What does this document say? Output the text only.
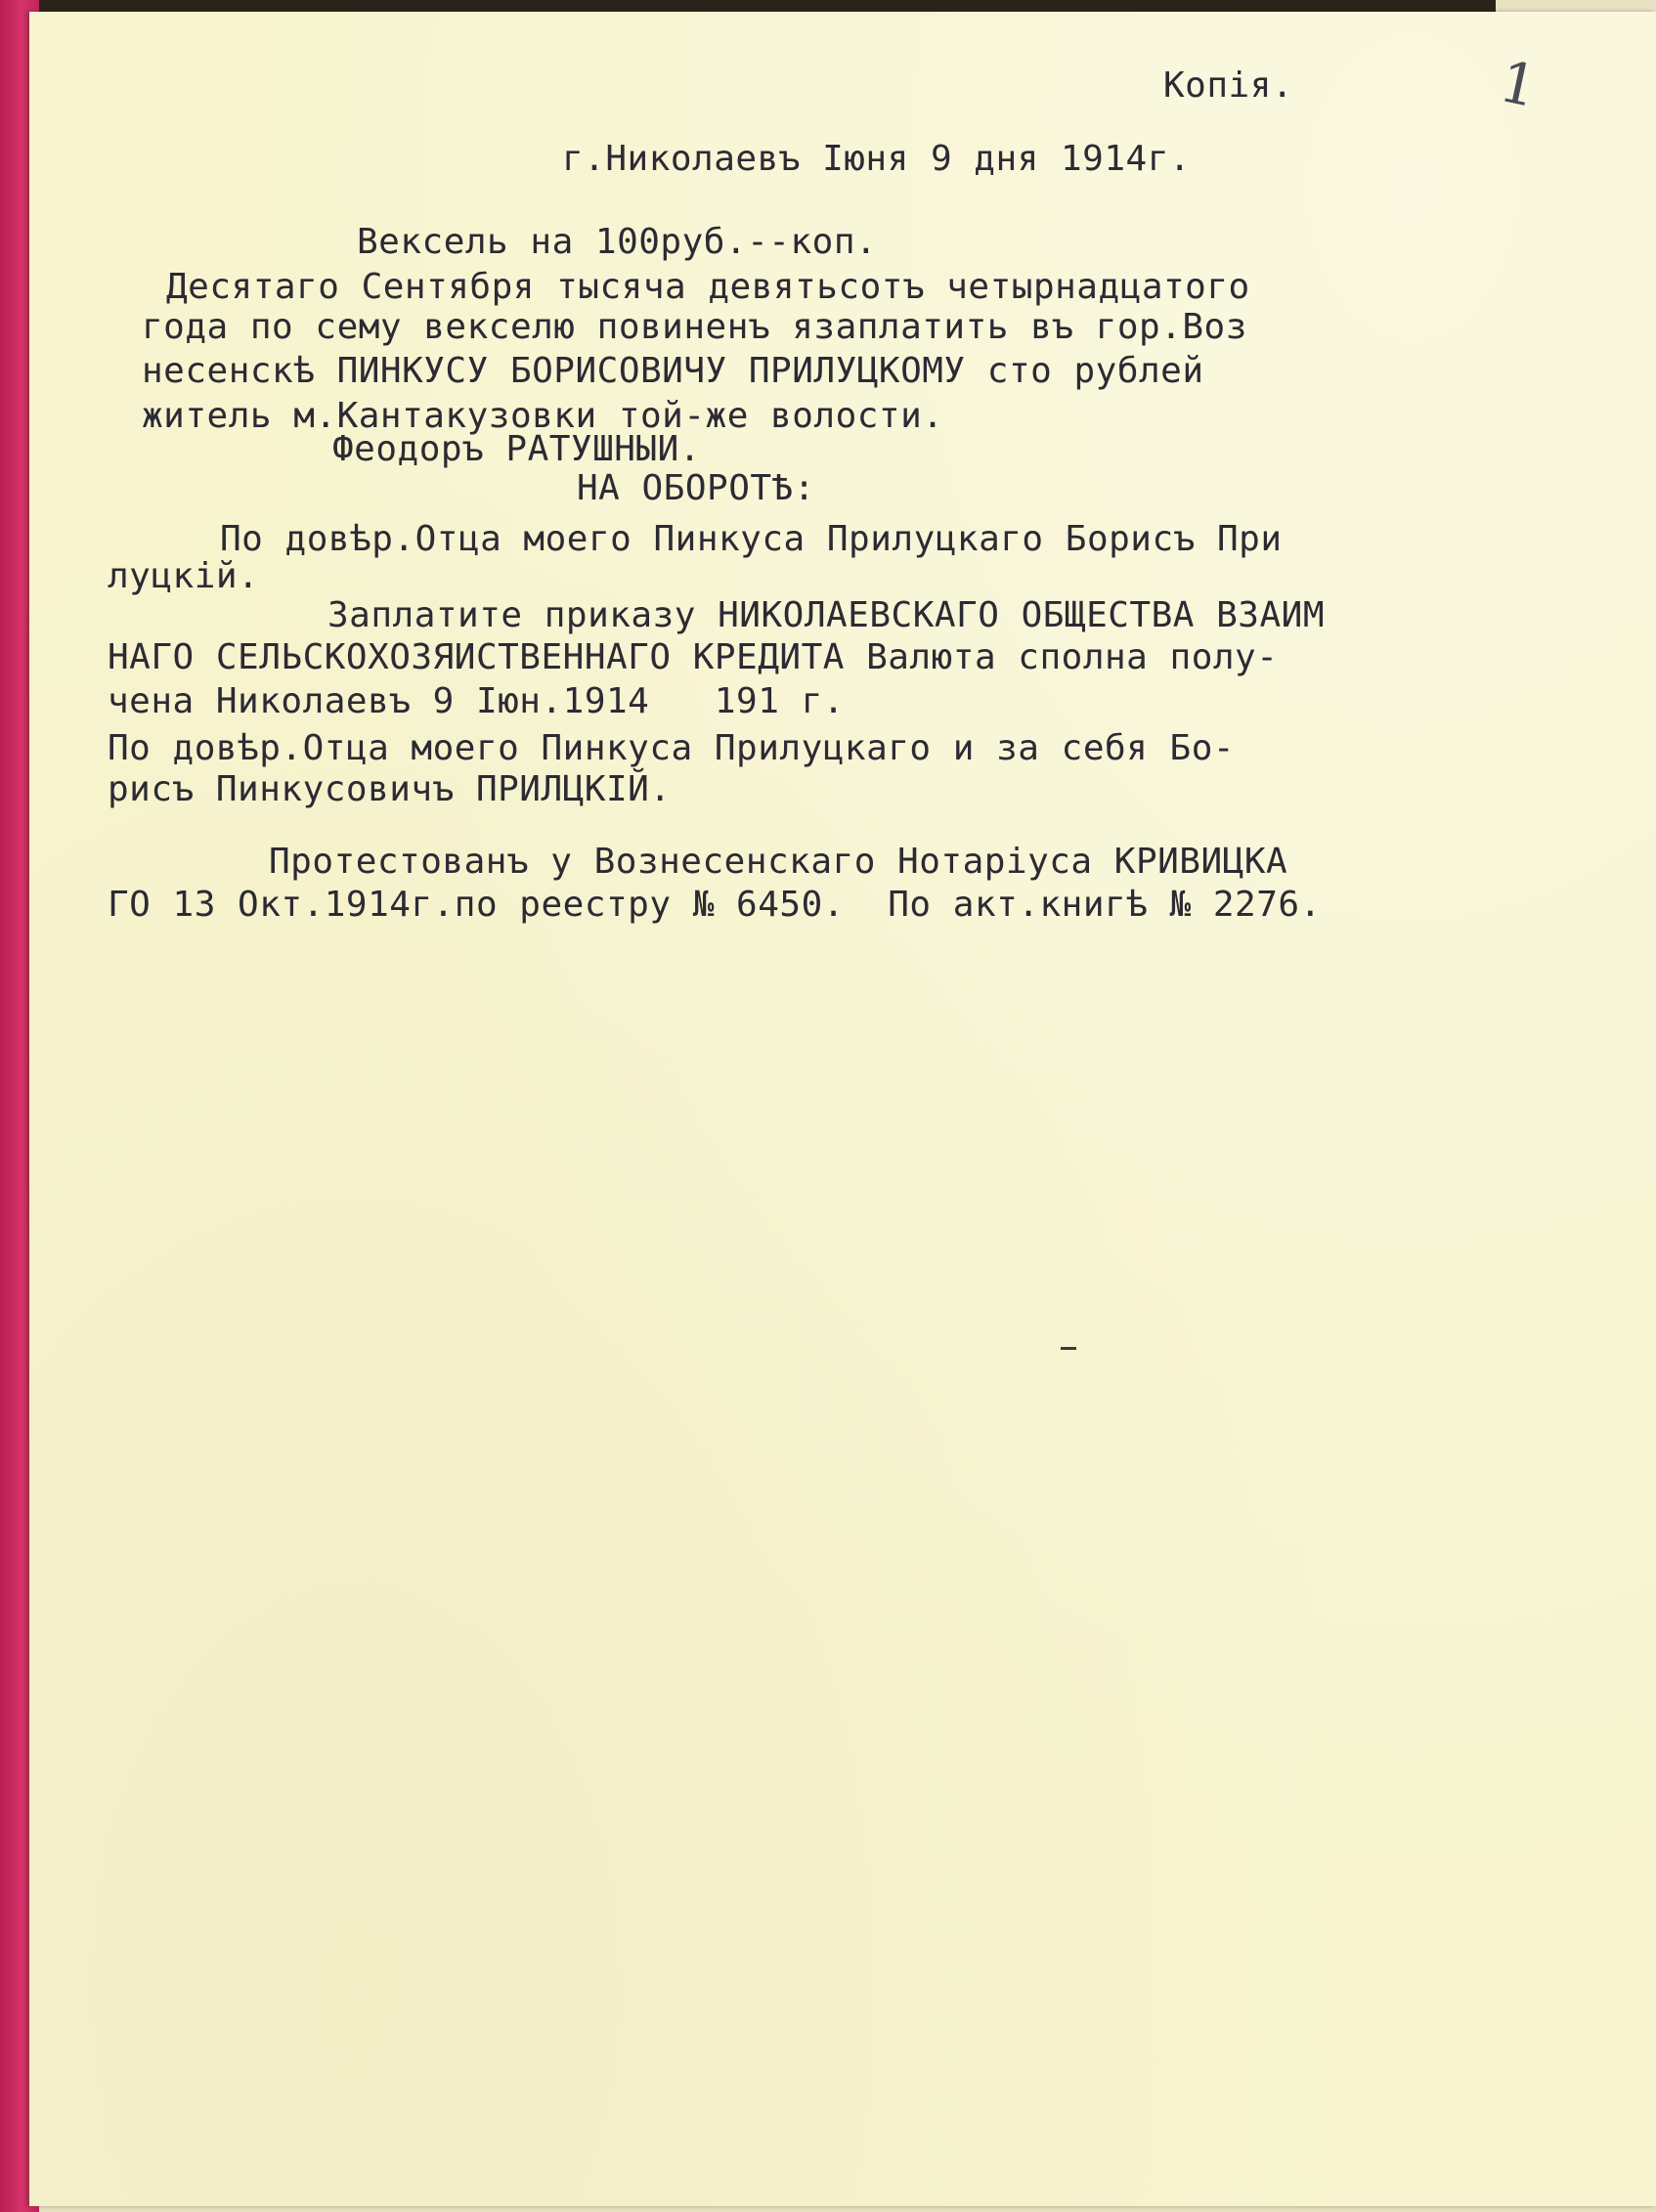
Копія.	1
г.Николаевъ Іюня 9 дня 1914г.
Вексель на 100руб.--коп.
Десятаго Сентября тысяча девятьсотъ четырнадцатого
года по сему векселю повиненъ язаплатить въ гор.Воз
несенскѣ ПИНКУСУ БОРИСОВИЧУ ПРИЛУЦКОМУ сто рублей
житель м.Кантакузовки той-же волости.
Феодоръ РАТУШНЫИ.
НА ОБОРОТѢ:
По довѣр.Отца моего Пинкуса Прилуцкаго Борисъ При
луцкій.
Заплатите приказу НИКОЛАЕВСКАГО ОБЩЕСТВА ВЗАИМ
НАГО СЕЛЬСКОХОЗЯИСТВЕННАГО КРЕДИТА Валюта сполна полу-
чена Николаевъ 9 Іюн.1914   191 г.
По довѣр.Отца моего Пинкуса Прилуцкаго и за себя Бо-
рисъ Пинкусовичъ ПРИЛЦКІЙ.
Протестованъ у Вознесенскаго Нотаріуса КРИВИЦКА
ГО 13 Окт.1914г.по реестру № 6450.  По акт.книгѣ № 2276.
